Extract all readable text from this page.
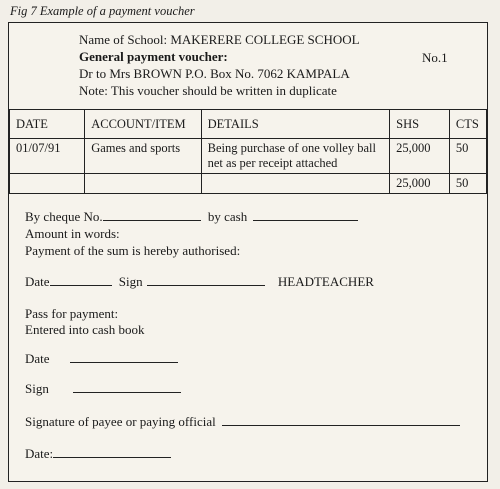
Fig 7 Example of a payment voucher
Name of School: MAKERERE COLLEGE SCHOOL
General payment voucher:
Dr to Mrs BROWN P.O. Box No. 7062 KAMPALA
Note: This voucher should be written in duplicate
No.1
DATE	ACCOUNT/ITEM	DETAILS	SHS	CTS
01/07/91	Games and sports	Being purchase of one volley ball net as per receipt attached	25,000	50
			25,000	50
By cheque No.	by cash
Amount in words:
Payment of the sum is hereby authorised:
Date	Sign	HEADTEACHER
Pass for payment:
Entered into cash book
Date
Sign
Signature of payee or paying official
Date:
